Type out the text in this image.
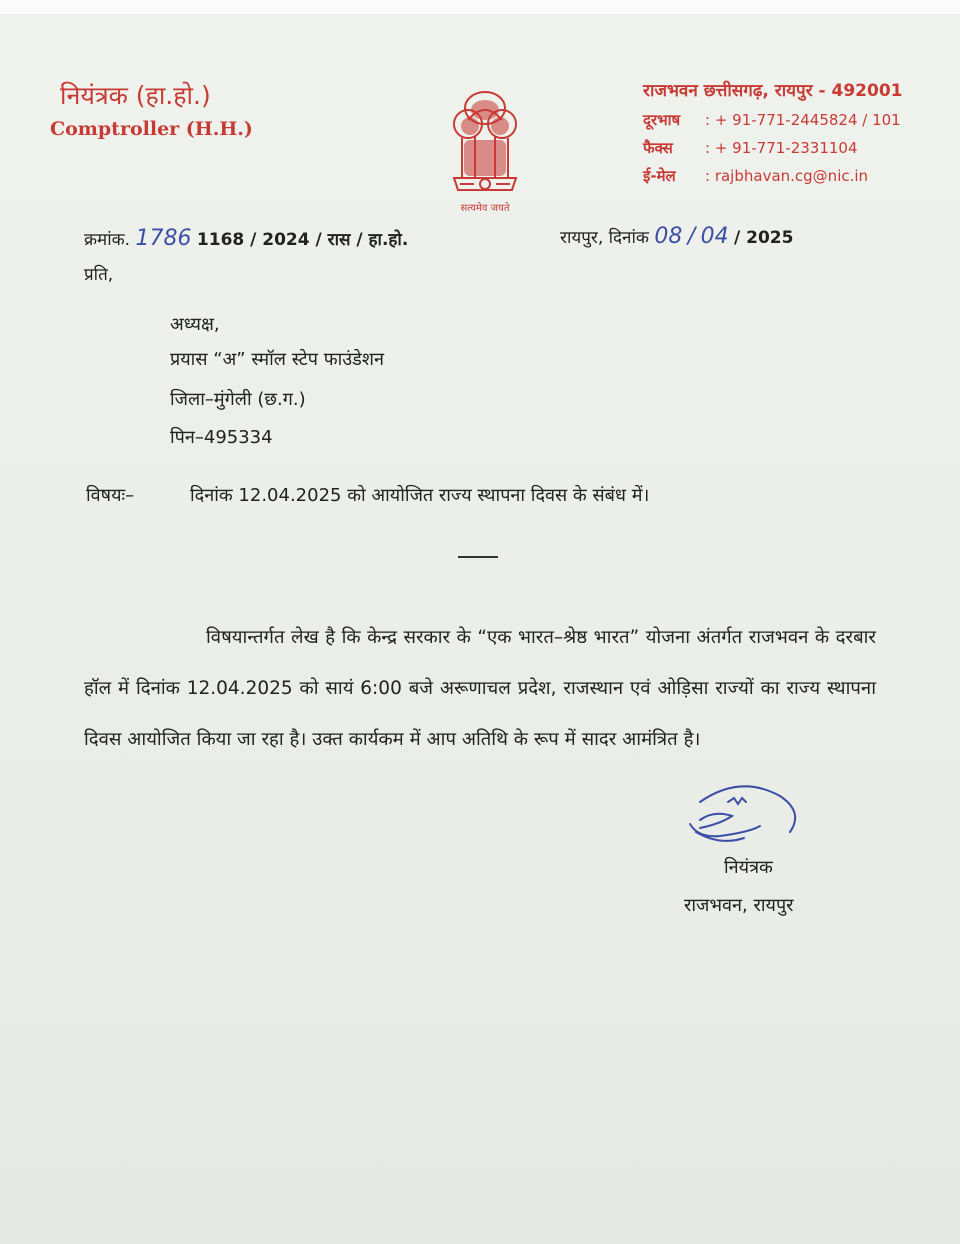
नियंत्रक (हा.हो.)
Comptroller (H.H.)
सत्यमेव जयते
राजभवन छत्तीसगढ़, रायपुर - 492001
दूरभाष : + 91-771-2445824 / 101
फैक्स : + 91-771-2331104
ई-मेल : rajbhavan.cg@nic.in
क्रमांक. 1786 1168 / 2024 / रास / हा.हो.	रायपुर, दिनांक 08 / 04 / 2025
प्रति,
अध्यक्ष,
प्रयास “अ” स्मॉल स्टेप फाउंडेशन
जिला–मुंगेली (छ.ग.)
पिन–495334
विषयः–	दिनांक 12.04.2025 को आयोजित राज्य स्थापना दिवस के संबंध में।
विषयान्तर्गत लेख है कि केन्द्र सरकार के “एक भारत–श्रेष्ठ भारत” योजना अंतर्गत राजभवन के दरबार हॉल में दिनांक 12.04.2025 को सायं 6:00 बजे अरूणाचल प्रदेश, राजस्थान एवं ओड़िसा राज्यों का राज्य स्थापना दिवस आयोजित किया जा रहा है। उक्त कार्यकम में आप अतिथि के रूप में सादर आमंत्रित है।
नियंत्रक
राजभवन, रायपुर
